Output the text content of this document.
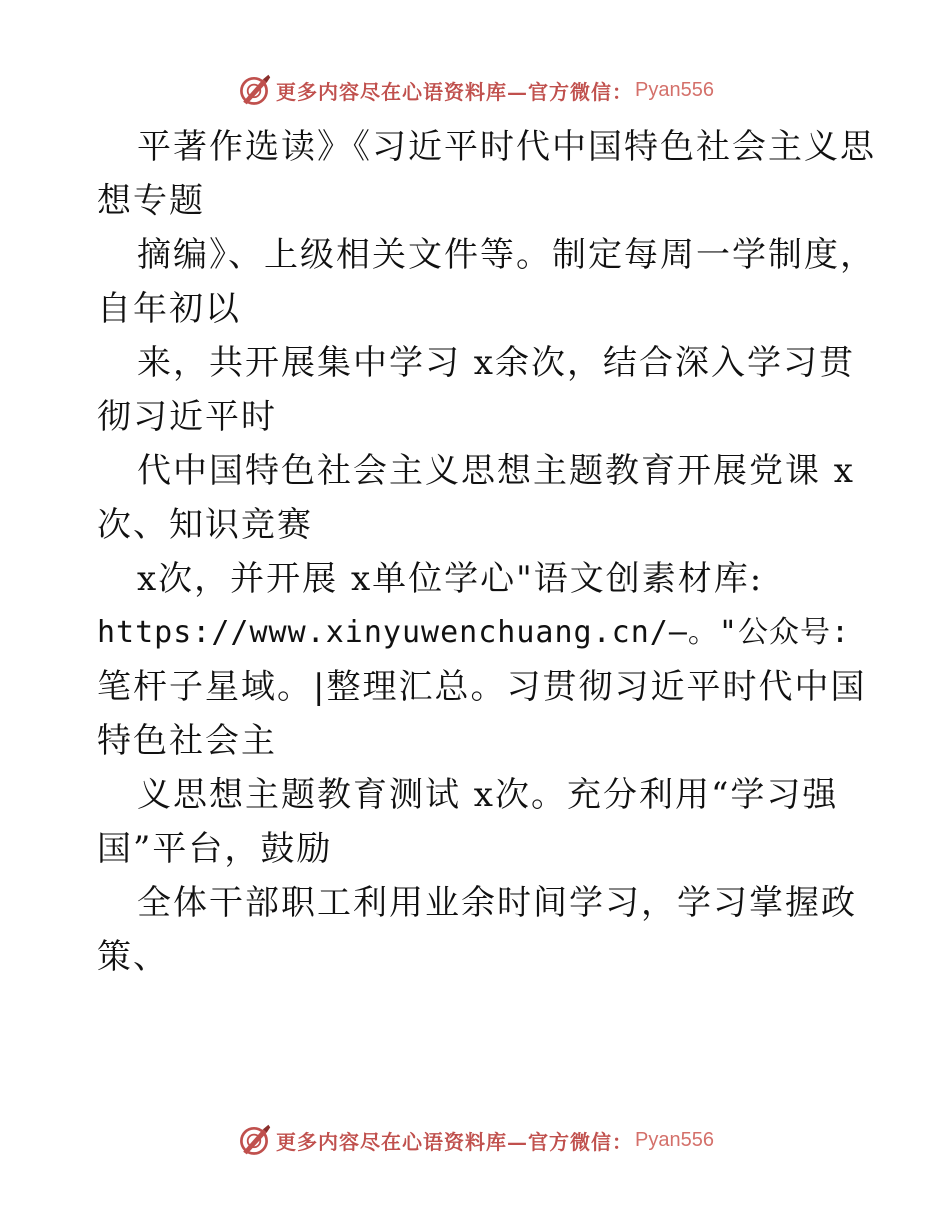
更多内容尽在心语资料库—官方微信： Pyan556
平著作选读》《习近平时代中国特色社会主义思
想专题
摘编》、上级相关文件等。制定每周一学制度，
自年初以
来，共开展集中学习 x余次，结合深入学习贯
彻习近平时
代中国特色社会主义思想主题教育开展党课 x
次、知识竞赛
x次，并开展 x单位学心"语文创素材库:
https://www.xinyuwenchuang.cn/—。"公众号:
笔杆子星域。|整理汇总。习贯彻习近平时代中国
特色社会主
义思想主题教育测试 x次。充分利用“学习强
国”平台，鼓励
全体干部职工利用业余时间学习，学习掌握政
策、
更多内容尽在心语资料库—官方微信： Pyan556
